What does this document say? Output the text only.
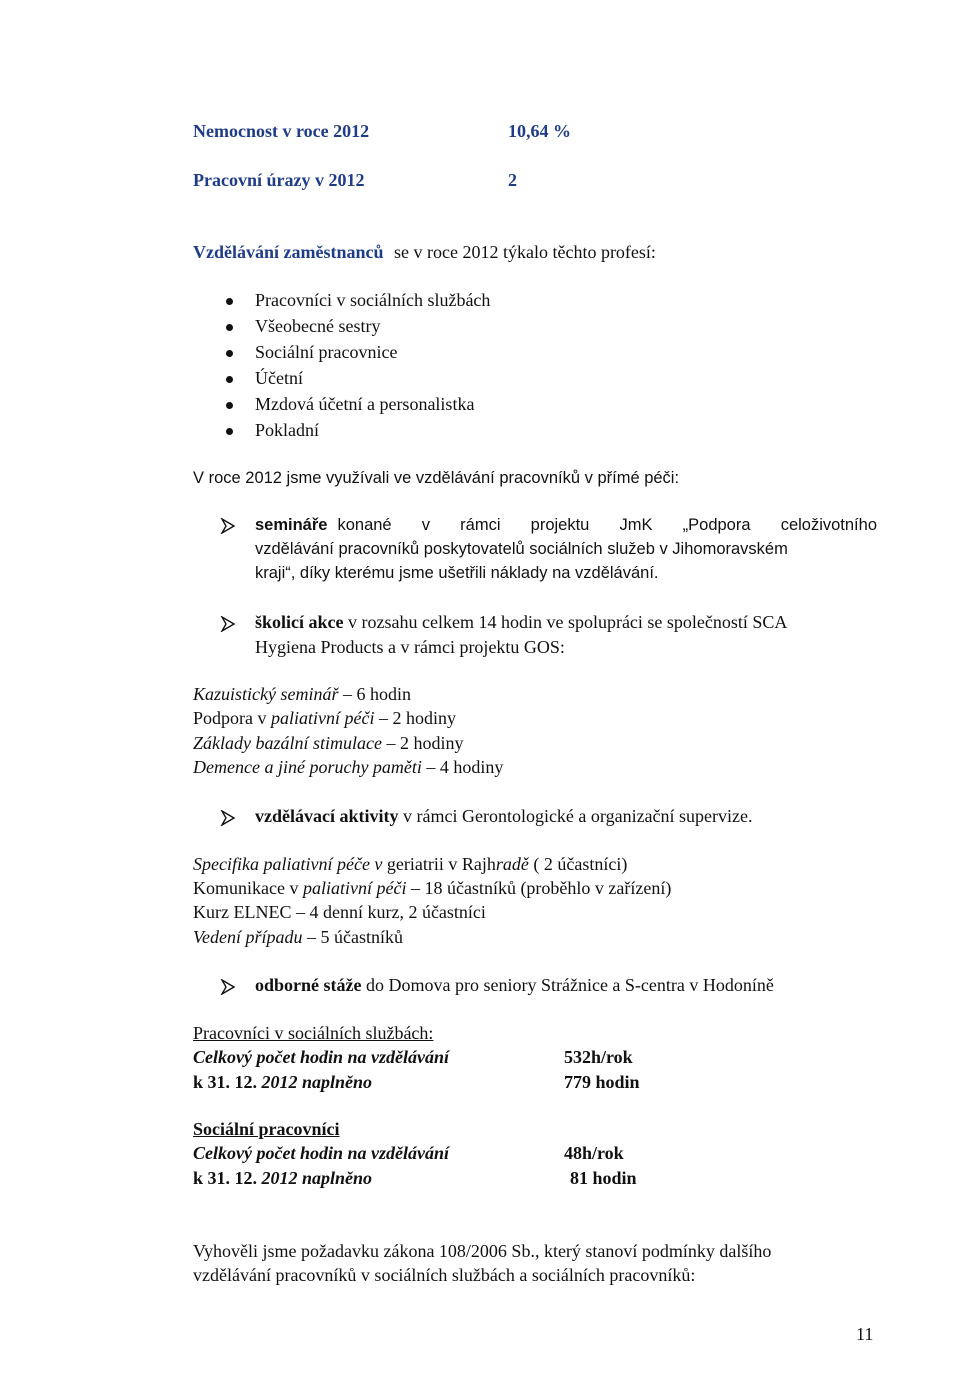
Nemocnost v roce 2012	10,64 %
Pracovní úrazy v 2012	2
Vzdělávání zaměstnanců se v roce 2012 týkalo těchto profesí:
Pracovníci v sociálních službách
Všeobecné sestry
Sociální pracovnice
Účetní
Mzdová účetní a personalistka
Pokladní
V roce 2012 jsme využívali ve vzdělávání pracovníků v přímé péči:
semináře konané v rámci projektu JmK „Podpora celoživotního
vzdělávání pracovníků poskytovatelů sociálních služeb v Jihomoravském
kraji“, díky kterému jsme ušetřili náklady na vzdělávání.
školicí akce v rozsahu celkem 14 hodin ve spolupráci se společností SCA
Hygiena Products a v rámci projektu GOS:
Kazuistický seminář – 6 hodin
Podpora v paliativní péči – 2 hodiny
Základy bazální stimulace – 2 hodiny
Demence a jiné poruchy paměti – 4 hodiny
vzdělávací aktivity v rámci Gerontologické a organizační supervize.
Specifika paliativní péče v geriatrii v Rajhradě ( 2 účastníci)
Komunikace v paliativní péči – 18 účastníků (proběhlo v zařízení)
Kurz ELNEC – 4 denní kurz, 2 účastníci
Vedení případu – 5 účastníků
odborné stáže do Domova pro seniory Strážnice a S-centra v Hodoníně
Pracovníci v sociálních službách:
Celkový počet hodin na vzdělávání	532h/rok
k 31. 12. 2012 naplněno	779 hodin
Sociální pracovníci
Celkový počet hodin na vzdělávání	48h/rok
k 31. 12. 2012 naplněno	81 hodin
Vyhověli jsme požadavku zákona 108/2006 Sb., který stanoví podmínky dalšího
vzdělávání pracovníků v sociálních službách a sociálních pracovníků:
11
